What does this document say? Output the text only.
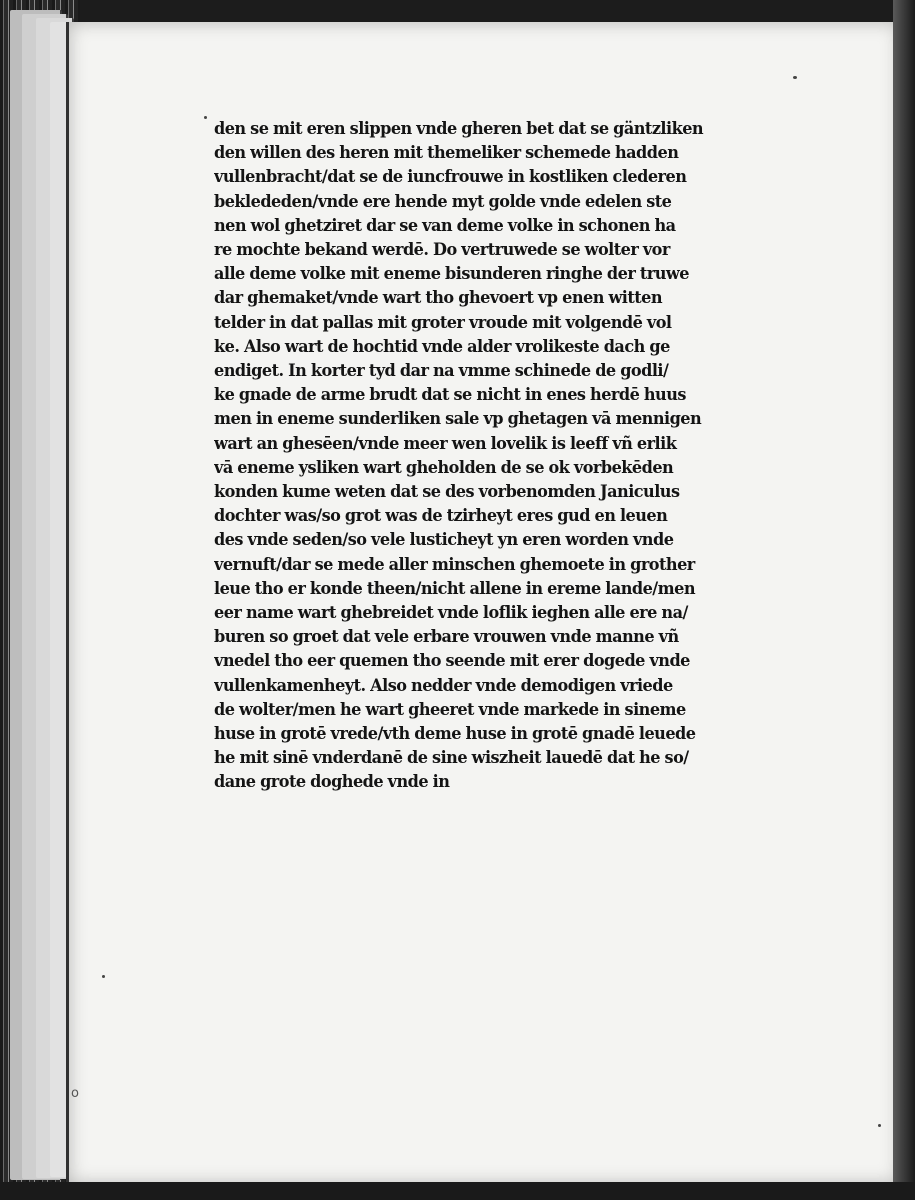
den se mit eren slippen vnde gheren bet dat se gäntzliken
den willen des heren mit themeliker schemede hadden
vullenbracht/dat se de iuncfrouwe in kostliken clederen
beklededen/vnde ere hende myt golde vnde edelen ste
nen wol ghetziret dar se van deme volke in schonen ha
re mochte bekand werdē. Do vertruwede se wolter vor
alle deme volke mit eneme bisunderen ringhe der truwe
dar ghemaket/vnde wart tho ghevoert vp enen witten
telder in dat pallas mit groter vroude mit volgendē vol
ke. Also wart de hochtid vnde alder vrolikeste dach ge
endiget. In korter tyd dar na vmme schinede de godli/
ke gnade de arme brudt dat se nicht in enes herdē huus
men in eneme sunderliken sale vp ghetagen vā mennigen
wart an ghesēen/vnde meer wen lovelik is leeff vñ erlik
vā eneme ysliken wart gheholden de se ok vorbekēden
konden kume weten dat se des vorbenomden Janiculus
dochter was/so grot was de tzirheyt eres gud en leuen
des vnde seden/so vele lusticheyt yn eren worden vnde
vernuft/dar se mede aller minschen ghemoete in grother
leue tho er konde theen/nicht allene in ereme lande/men
eer name wart ghebreidet vnde loflik ieghen alle ere na/
buren so groet dat vele erbare vrouwen vnde manne vñ
vnedel tho eer quemen tho seende mit erer dogede vnde
vullenkamenheyt. Also nedder vnde demodigen vriede
de wolter/men he wart gheeret vnde markede in sineme
huse in grotē vrede/vth deme huse in grotē gnadē leuede
he mit sinē vnderdanē de sine wiszheit lauedē dat he so/
dane grote doghede vnde in
o
